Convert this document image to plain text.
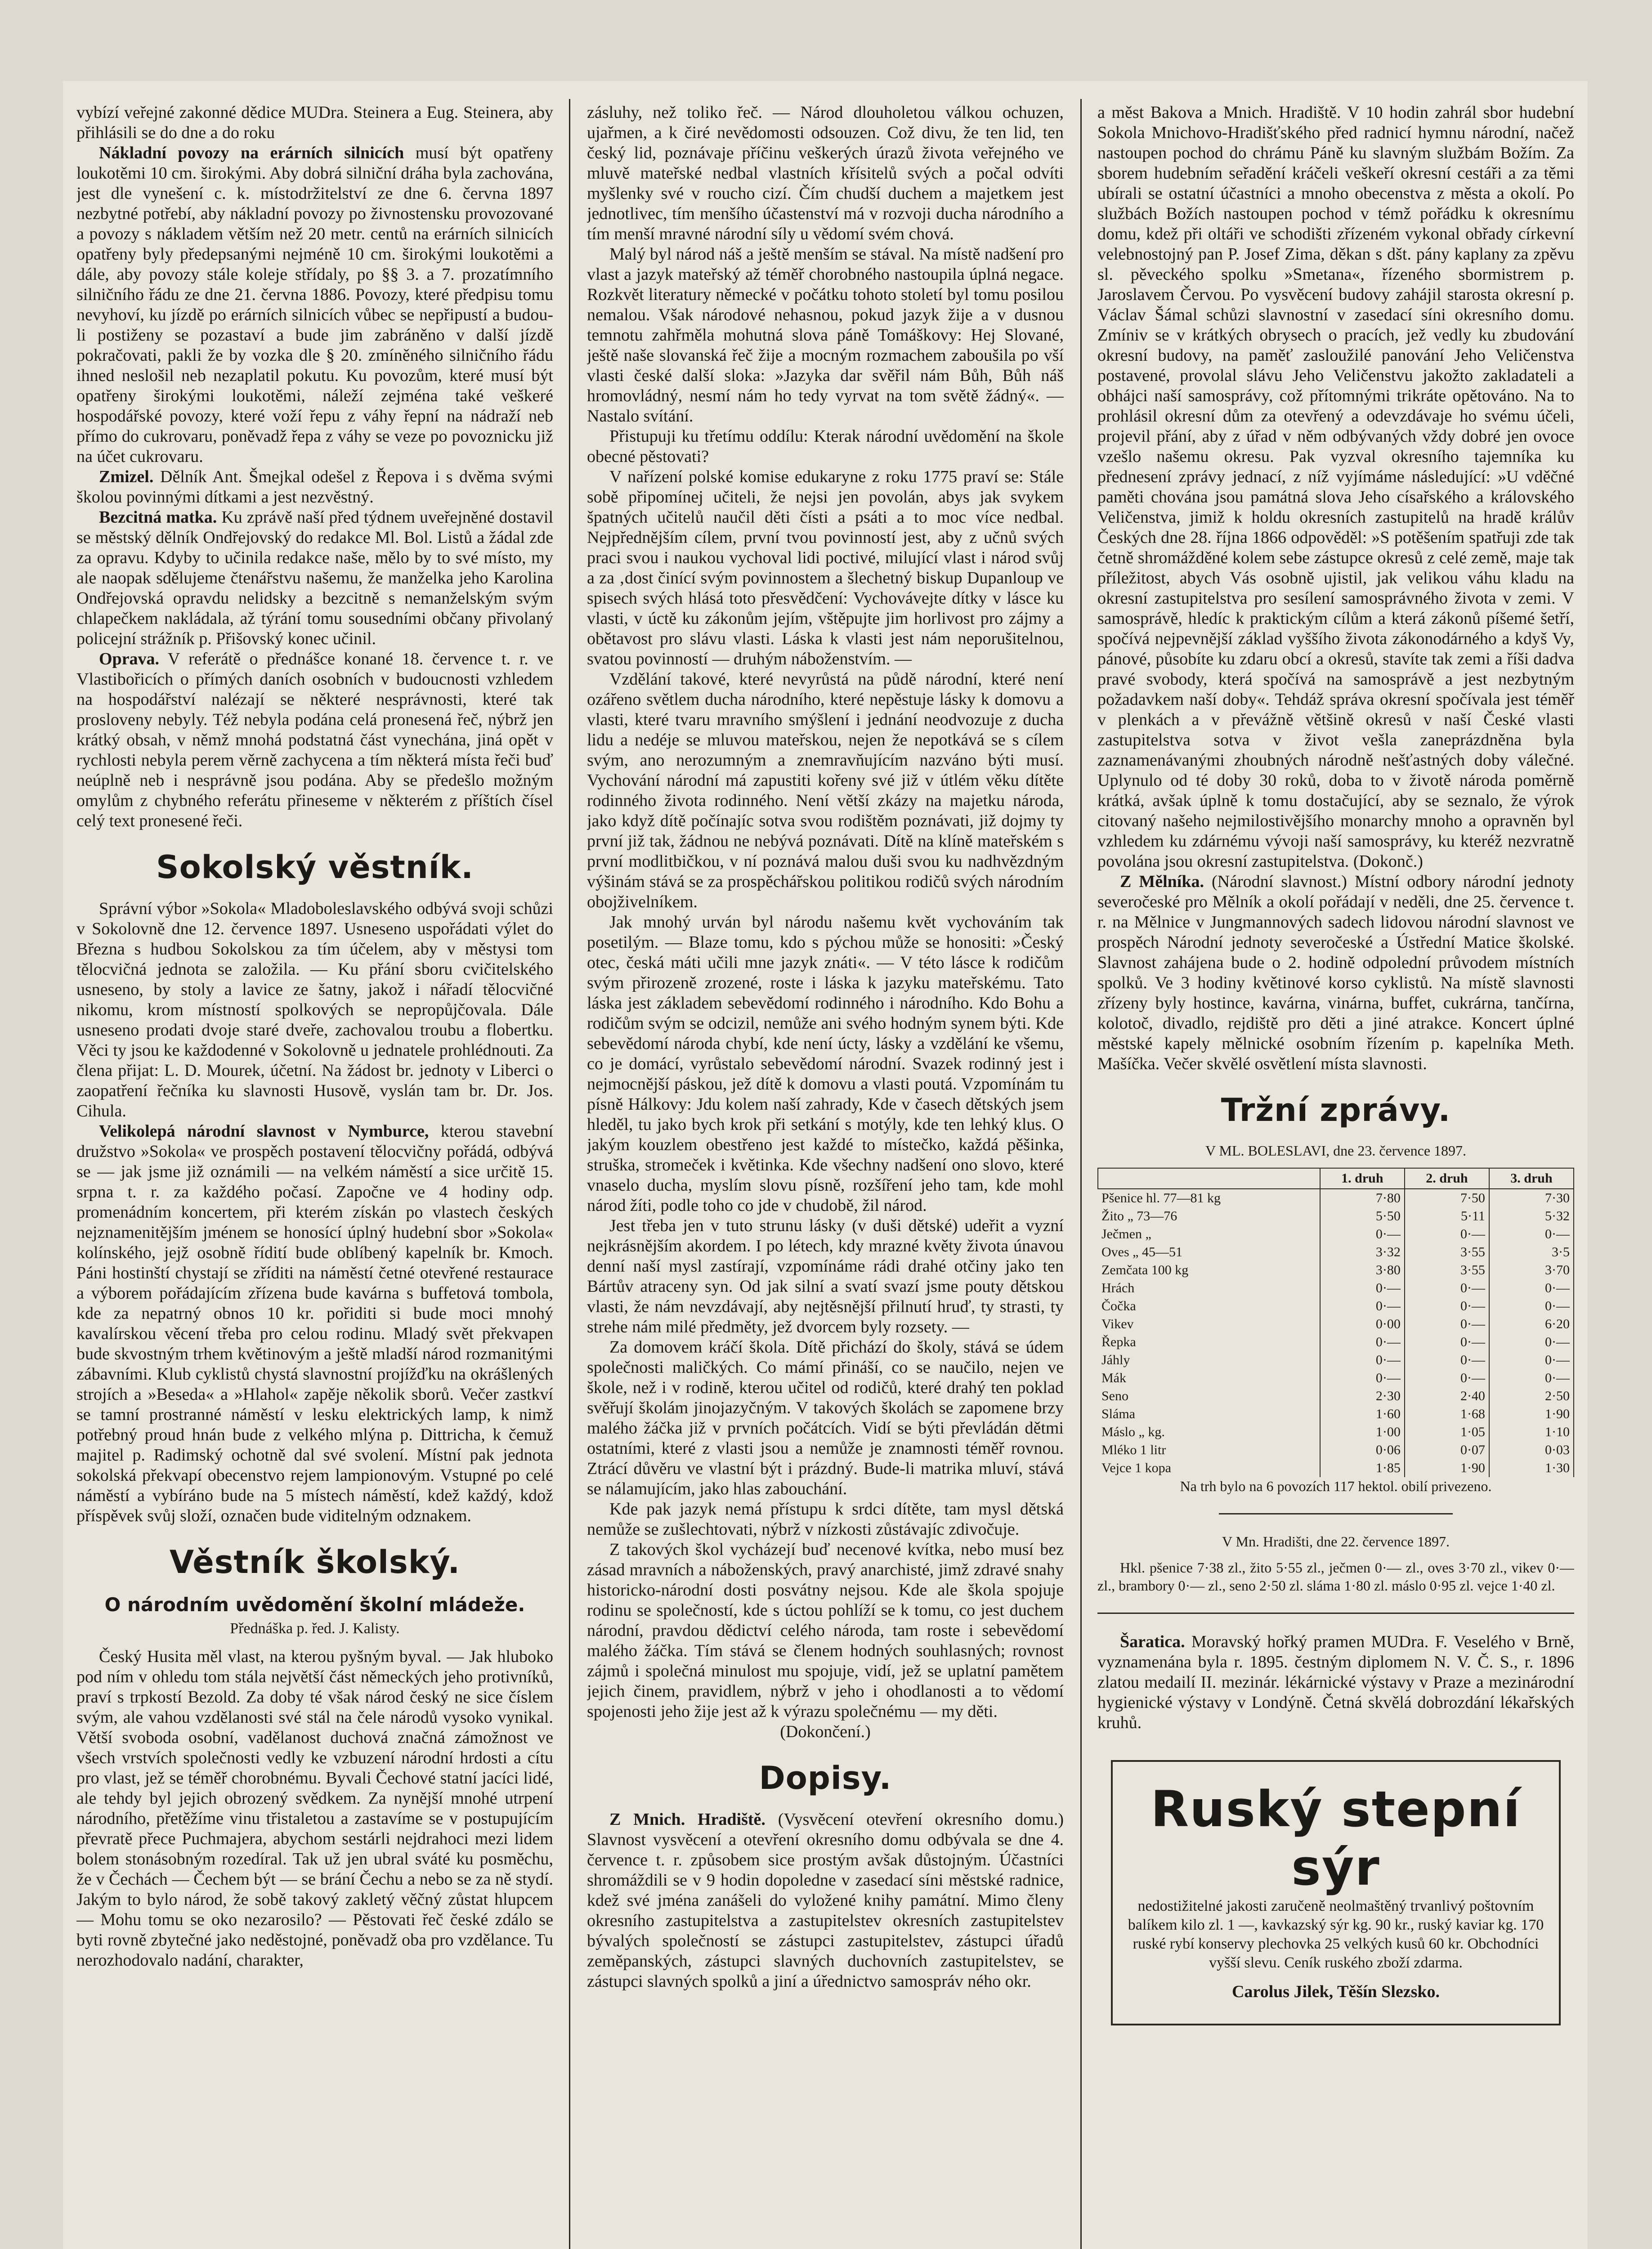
vybízí veřejné zakonné dědice MUDra. Steinera a Eug. Steinera, aby přihlásili se do dne a do roku

Nákladní povozy na erárních silnicích musí být opatřeny loukotěmi 10 cm. širokými. Aby dobrá silniční dráha byla zachována, jest dle vynešení c. k. místodržitelství ze dne 6. června 1897 nezbytné potřebí, aby nákladní povozy po živnostensku provozované a povozy s nákladem větším než 20 metr. centů na erárních silnicích opatřeny byly předepsanými nejméně 10 cm. širokými loukotěmi a dále, aby povozy stále koleje střídaly, po §§ 3. a 7. prozatímního silničního řádu ze dne 21. června 1886. Povozy, které předpisu tomu nevyhoví, ku jízdě po erárních silnicích vůbec se nepřipustí a budou-li postiženy se pozastaví a bude jim zabráněno v další jízdě pokračovati, pakli že by vozka dle § 20. zmíněného silničního řádu ihned neslošil neb nezaplatil pokutu. Ku povozům, které musí být opatřeny širokými loukotěmi, náleží zejména také veškeré hospodářské povozy, které voží řepu z váhy řepní na nádraží neb přímo do cukrovaru, poněvadž řepa z váhy se veze po povoznicku již na účet cukrovaru.

Zmizel. Dělník Ant. Šmejkal odešel z Řepova i s dvěma svými školou povinnými dítkami a jest nezvěstný.

Bezcitná matka. Ku zprávě naší před týdnem uveřejněné dostavil se městský dělník Ondřejovský do redakce Ml. Bol. Listů a žádal zde za opravu. Kdyby to učinila redakce naše, mělo by to své místo, my ale naopak sdělujeme čtenářstvu našemu, že manželka jeho Karolina Ondřejovská opravdu nelidsky a bezcitně s nemanželským svým chlapečkem nakládala, až týrání tomu sousedními občany přivolaný policejní strážník p. Přišovský konec učinil.

Oprava. V referátě o přednášce konané 18. července t. r. ve Vlastibořicích o přímých daních osobních v budoucnosti vzhledem na hospodářství nalézají se některé nesprávnosti, které tak prosloveny nebyly. Též nebyla podána celá pronesená řeč, nýbrž jen krátký obsah, v němž mnohá podstatná část vynechána, jiná opět v rychlosti nebyla perem věrně zachycena a tím některá místa řeči buď neúplně neb i nesprávně jsou podána. Aby se předešlo možným omylům z chybného referátu přineseme v některém z příštích čísel celý text pronesené řeči.

Sokolský věstník.

Správní výbor »Sokola« Mladoboleslavského odbývá svoji schůzi v Sokolovně dne 12. července 1897. Usneseno uspořádati výlet do Března s hudbou Sokolskou za tím účelem, aby v městysi tom tělocvičná jednota se založila. — Ku přání sboru cvičitelského usneseno, by stoly a lavice ze šatny, jakož i nářadí tělocvičné nikomu, krom místností spolkových se nepropůjčovala. Dále usneseno prodati dvoje staré dveře, zachovalou troubu a flobertku. Věci ty jsou ke každodenné v Sokolovně u jednatele prohlédnouti. Za člena přijat: L. D. Mourek, účetní. Na žádost br. jednoty v Liberci o zaopatření řečníka ku slavnosti Husově, vyslán tam br. Dr. Jos. Cihula.

Velikolepá národní slavnost v Nymburce, kterou stavební družstvo »Sokola« ve prospěch postavení tělocvičny pořádá, odbývá se — jak jsme již oznámili — na velkém náměstí a sice určitě 15. srpna t. r. za každého počasí. Započne ve 4 hodiny odp. promenádním koncertem, při kterém získán po vlastech českých nejznamenitějším jménem se honosící úplný hudební sbor »Sokola« kolínského, jejž osobně řídití bude oblíbený kapelník br. Kmoch. Páni hostinští chystají se zříditi na náměstí četné otevřené restaurace a výborem pořádajícím zřízena bude kavárna s buffetová tombola, kde za nepatrný obnos 10 kr. pořiditi si bude moci mnohý kavalírskou věcení třeba pro celou rodinu. Mladý svět překvapen bude skvostným trhem květinovým a ještě mladší národ rozmanitými zábavními. Klub cyklistů chystá slavnostní projížďku na okrášlených strojích a »Beseda« a »Hlahol« zapěje několik sborů. Večer zastkví se tamní prostranné náměstí v lesku elektrických lamp, k nimž potřebný proud hnán bude z velkého mlýna p. Dittricha, k čemuž majitel p. Radimský ochotně dal své svolení. Místní pak jednota sokolská překvapí obecenstvo rejem lampionovým. Vstupné po celé náměstí a vybíráno bude na 5 místech náměstí, kdež každý, kdož příspěvek svůj složí, označen bude viditelným odznakem.

Věstník školský.
O národním uvědomění školní mládeže.
Přednáška p. řed. J. Kalisty.

Český Husita měl vlast, na kterou pyšným byval. — Jak hluboko pod ním v ohledu tom stála největší část německých jeho protivníků, praví s trpkostí Bezold. Za doby té však národ český ne sice číslem svým, ale vahou vzdělanosti své stál na čele národů vysoko vynikal. Větší svoboda osobní, vadělanost duchová značná zámožnost ve všech vrstvích společnosti vedly ke vzbuzení národní hrdosti a cítu pro vlast, jež se téměř chorobnému. Byvali Čechové statní jacíci lidé, ale tehdy byl jejich obrozený svědkem. Za nynější mnohé utrpení národního, přetěžíme vinu třistaletou a zastavíme se v postupujícím převratě přece Puchmajera, abychom sestárli nejdrahoci mezi lidem bolem stonásobným rozedíral. Tak už jen ubral sváté ku posměchu, že v Čechách — Čechem být — se brání Čechu a nebo se za ně stydí. Jakým to bylo národ, že sobě takový zakletý věčný zůstat hlupcem — Mohu tomu se oko nezarosilo? — Pěstovati řeč české zdálo se byti rovně zbytečné jako neděstojné, poněvadž oba pro vzdělance. Tu nerozhodovalo nadání, charakter,

zásluhy, než toliko řeč. — Národ dlouholetou válkou ochuzen, ujařmen, a k čiré nevědomosti odsouzen. Což divu, že ten lid, ten český lid, poznávaje příčinu veškerých úrazů života veřejného ve mluvě mateřské nedbal vlastních křísitelů svých a počal odvíti myšlenky své v roucho cizí. Čím chudší duchem a majetkem jest jednotlivec, tím menšího účastenství má v rozvoji ducha národního a tím menší mravné národní síly u vědomí svém chová.

Malý byl národ náš a ještě menším se stával. Na místě nadšení pro vlast a jazyk mateřský až téměř chorobného nastoupila úplná negace. Rozkvět literatury německé v počátku tohoto století byl tomu posilou nemalou. Však národové nehasnou, pokud jazyk žije a v dusnou temnotu zahřměla mohutná slova páně Tomáškovy: Hej Slované, ještě naše slovanská řeč žije a mocným rozmachem zaboušila po vší vlasti české další sloka: »Jazyka dar svěřil nám Bůh, Bůh náš hromovládný, nesmí nám ho tedy vyrvat na tom světě žádný«. — Nastalo svítání.

Přistupuji ku třetímu oddílu: Kterak národní uvědomění na škole obecné pěstovati?

V nařízení polské komise edukaryne z roku 1775 praví se: Stále sobě připomínej učiteli, že nejsi jen povolán, abys jak svykem špatných učitelů naučil děti čísti a psáti a to moc více nedbal. Nejpřednějším cílem, první tvou povinností jest, aby z učnů svých praci svou i naukou vychoval lidi poctivé, milující vlast i národ svůj a za ‚dost činící svým povinnostem a šlechetný biskup Dupanloup ve spisech svých hlásá toto přesvědčení: Vychovávejte dítky v lásce ku vlasti, v úctě ku zákonům jejím, vštěpujte jim horlivost pro zájmy a obětavost pro slávu vlasti. Láska k vlasti jest nám neporušitelnou, svatou povinností — druhým náboženstvím. —

Vzdělání takové, které nevyrůstá na půdě národní, které není ozářeno světlem ducha národního, které nepěstuje lásky k domovu a vlasti, které tvaru mravního smýšlení i jednání neodvozuje z ducha lidu a nedéje se mluvou mateřskou, nejen že nepotkává se s cílem svým, ano nerozumným a znemravňujícím nazváno býti musí. Vychování národní má zapustiti kořeny své již v útlém věku dítěte rodinného života rodinného. Není větší zkázy na majetku národa, jako když dítě počínajíc sotva svou rodištěm poznávati, již dojmy ty první již tak, žádnou ne nebývá poznávati. Dítě na klíně mateřském s první modlitbičkou, v ní poznává malou duši svou ku nadhvězdným výšinám stává se za prospěchářskou politikou rodičů svých národním obojživelníkem.

Jak mnohý urván byl národu našemu květ vychováním tak posetilým. — Blaze tomu, kdo s pýchou může se honositi: »Český otec, česká máti učili mne jazyk znáti«. — V této lásce k rodičům svým přirozeně zrozené, roste i láska k jazyku mateřskému. Tato láska jest základem sebevědomí rodinného i národního. Kdo Bohu a rodičům svým se odcizil, nemůže ani svého hodným synem býti. Kde sebevědomí národa chybí, kde není úcty, lásky a vzdělání ke všemu, co je domácí, vyrůstalo sebevědomí národní. Svazek rodinný jest i nejmocnější páskou, jež dítě k domovu a vlasti poutá. Vzpomínám tu písně Hálkovy: Jdu kolem naší zahrady, Kde v časech dětských jsem hleděl, tu jako bych krok při setkání s motýly, kde ten lehký klus. O jakým kouzlem obestřeno jest každé to místečko, každá pěšinka, struška, stromeček i květinka. Kde všechny nadšení ono slovo, které vnaselo ducha, myslím slovu písně, rozšíření jeho tam, kde mohl národ žíti, podle toho co jde v chudobě, žil národ.

Jest třeba jen v tuto strunu lásky (v duši dětské) udeřit a vyzní nejkrásnějším akordem. I po létech, kdy mrazné květy života únavou denní naší mysl zastírají, vzpomínáme rádi drahé otčiny jako ten Bártův atraceny syn. Od jak silní a svatí svazí jsme pouty dětskou vlasti, že nám nevzdávají, aby nejtěsnější přilnutí hruď, ty strasti, ty strehe nám milé předměty, jež dvorcem byly rozsety. —

Za domovem kráčí škola. Dítě přichází do školy, stává se údem společnosti maličkých. Co mámí přináší, co se naučilo, nejen ve škole, než i v rodině, kterou učitel od rodičů, které drahý ten poklad svěřují školám jinojazyčným. V takových školách se zapomene brzy malého žáčka již v prvních počátcích. Vidí se býti převládán dětmi ostatními, které z vlasti jsou a nemůže je znamnosti téměř rovnou. Ztrácí důvěru ve vlastní být i prázdný. Bude-li matrika mluví, stává se nálamujícím, jako hlas zabouchání.

Kde pak jazyk nemá přístupu k srdci dítěte, tam mysl dětská nemůže se zušlechtovati, nýbrž v nízkosti zůstávajíc zdivočuje.

Z takových škol vycházejí buď necenové kvítka, nebo musí bez zásad mravních a náboženských, pravý anarchisté, jimž zdravé snahy historicko-národní dosti posvátny nejsou. Kde ale škola spojuje rodinu se společností, kde s úctou pohlíží se k tomu, co jest duchem národní, pravdou dědictví celého národa, tam roste i sebevědomí malého žáčka. Tím stává se členem hodných souhlasných; rovnost zájmů i společná minulost mu spojuje, vidí, jež se uplatní pamětem jejich činem, pravidlem, nýbrž v jeho i ohodlanosti a to vědomí spojenosti jeho žije jest až k výrazu společnému — my děti.

(Dokončení.)

Dopisy.

Z Mnich. Hradiště. (Vysvěcení otevření okresního domu.) Slavnost vysvěcení a otevření okresního domu odbývala se dne 4. července t. r. způsobem sice prostým avšak důstojným. Účastníci shromáždili se v 9 hodin dopoledne v zasedací síni městské radnice, kdež své jména zanášeli do vyložené knihy památní. Mimo členy okresního zastupitelstva a zastupitelstev okresních zastupitelstev bývalých společností se zástupci zastupitelstev, zástupci úřadů zeměpanských, zástupci slavných duchovních zastupitelstev, se zástupci slavných spolků a jiní a úřednictvo samospráv ného okr.

a měst Bakova a Mnich. Hradiště. V 10 hodin zahrál sbor hudební Sokola Mnichovo-Hradišťského před radnicí hymnu národní, načež nastoupen pochod do chrámu Páně ku slavným službám Božím. Za sborem hudebním seřadění kráčeli veškeří okresní cestáři a za těmi ubírali se ostatní účastníci a mnoho obecenstva z města a okolí. Po službách Božích nastoupen pochod v témž pořádku k okresnímu domu, kdež při oltáři ve schodišti zřízeném vykonal obřady církevní velebnostojný pan P. Josef Zima, děkan s dšt. pány kaplany za zpěvu sl. pěveckého spolku »Smetana«, řízeného sbormistrem p. Jaroslavem Červou. Po vysvěcení budovy zahájil starosta okresní p. Václav Šámal schůzi slavnostní v zasedací síni okresního domu. Zmíniv se v krátkých obrysech o pracích, jež vedly ku zbudování okresní budovy, na paměť zasloužilé panování Jeho Veličenstva postavené, provolal slávu Jeho Veličenstvu jakožto zakladateli a obhájci naší samosprávy, což přítomnými trikráte opětováno. Na to prohlásil okresní dům za otevřený a odevzdávaje ho svému účeli, projevil přání, aby z úřad v něm odbývaných vždy dobré jen ovoce vzešlo našemu okresu. Pak vyzval okresního tajemníka ku přednesení zprávy jednací, z níž vyjímáme následující: »U vděčné paměti chována jsou památná slova Jeho císařského a královského Veličenstva, jimiž k holdu okresních zastupitelů na hradě králův Českých dne 28. října 1866 odpověděl: »S potěšením spatřuji zde tak četně shromážděné kolem sebe zástupce okresů z celé země, maje tak příležitost, abych Vás osobně ujistil, jak velikou váhu kladu na okresní zastupitelstva pro sesílení samosprávného života v zemi. V samosprávě, hledíc k praktickým cílům a která zákonů píšemé šetří, spočívá nejpevnější základ vyššího života zákonodárného a kdyš Vy, pánové, působíte ku zdaru obcí a okresů, stavíte tak zemi a říši dadva pravé svobody, která spočívá na samosprávě a jest nezbytným požadavkem naší doby«. Tehdáž správa okresní spočívala jest téměř v plenkách a v převážně většině okresů v naší České vlasti zastupitelstva sotva v život vešla zaneprázdněna byla zaznamenávanými zhoubných národně nešťastných doby válečné. Uplynulo od té doby 30 roků, doba to v životě národa poměrně krátká, avšak úplně k tomu dostačující, aby se seznalo, že výrok citovaný našeho nejmilostivějšího monarchy mnoho a opravněn byl vzhledem ku zdárnému vývoji naší samosprávy, ku kteréž nezvratně povolána jsou okresní zastupitelstva. (Dokonč.)

Z Mělníka. (Národní slavnost.) Místní odbory národní jednoty severočeské pro Mělník a okolí pořádají v neděli, dne 25. července t. r. na Mělnice v Jungmannových sadech lidovou národní slavnost ve prospěch Národní jednoty severočeské a Ústřední Matice školské. Slavnost zahájena bude o 2. hodině odpolední průvodem místních spolků. Ve 3 hodiny květinové korso cyklistů. Na místě slavnosti zřízeny byly hostince, kavárna, vinárna, buffet, cukrárna, tančírna, kolotoč, divadlo, rejdiště pro děti a jiné atrakce. Koncert úplné městské kapely mělnické osobním řízením p. kapelníka Meth. Mašíčka. Večer skvělé osvětlení místa slavnosti.

Tržní zprávy.
V ML. BOLESLAVI, dne 23. července 1897.
	1. druh	2. druh	3. druh
Pšenice hl. 77—81 kg	7·80	7·50	7·30
Žito „ 73—76	5·50	5·11	5·32
Ječmen „	0·—	0·—	0·—
Oves „ 45—51	3·32	3·55	3·5
Zemčata 100 kg	3·80	3·55	3·70
Hrách	0·—	0·—	0·—
Čočka	0·—	0·—	0·—
Vikev	0·00	0·—	6·20
Řepka	0·—	0·—	0·—
Jáhly	0·—	0·—	0·—
Mák	0·—	0·—	0·—
Seno	2·30	2·40	2·50
Sláma	1·60	1·68	1·90
Máslo „ kg.	1·00	1·05	1·10
Mléko 1 litr	0·06	0·07	0·03
Vejce 1 kopa	1·85	1·90	1·30

Na trh bylo na 6 povozích 117 hektol. obilí privezeno.

V Mn. Hradišti, dne 22. července 1897.

Hkl. pšenice 7·38 zl., žito 5·55 zl., ječmen 0·— zl., oves 3·70 zl., vikev 0·— zl., brambory 0·— zl., seno 2·50 zl. sláma 1·80 zl. máslo 0·95 zl. vejce 1·40 zl.

Šaratica. Moravský hořký pramen MUDra. F. Veselého v Brně, vyznamenána byla r. 1895. čestným diplomem N. V. Č. S., r. 1896 zlatou medailí II. mezinár. lékárnické výstavy v Praze a mezinárodní hygienické výstavy v Londýně. Četná skvělá dobrozdání lékařských kruhů.

Ruský stepní sýr

nedostižitelné jakosti zaručeně neolmaštěný trvanlivý poštovním balíkem kilo zl. 1 —, kavkazský sýr kg. 90 kr., ruský kaviar kg. 170 ruské rybí konservy plechovka 25 velkých kusů 60 kr. Obchodníci vyšší slevu. Ceník ruského zboží zdarma.

Carolus Jilek, Těšín Slezsko.
